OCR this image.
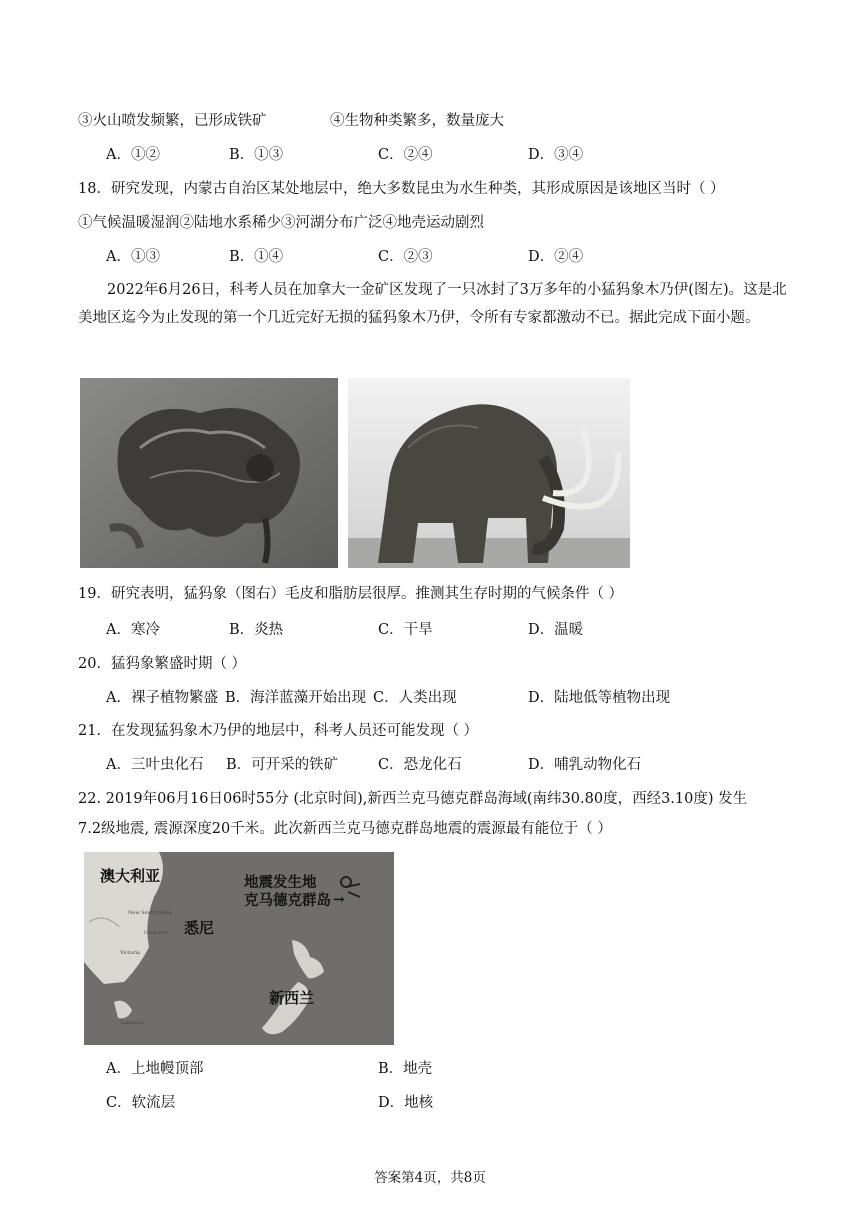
③火山喷发频繁，已形成铁矿	④生物种类繁多，数量庞大
A．①②	B．①③	C．②④	D．③④
18．研究发现，内蒙古自治区某处地层中，绝大多数昆虫为水生种类，其形成原因是该地区当时（ ）
①气候温暖湿润②陆地水系稀少③河湖分布广泛④地壳运动剧烈
A．①③	B．①④	C．②③	D．②④
2022年6月26日，科考人员在加拿大一金矿区发现了一只冰封了3万多年的小猛犸象木乃伊(图左)。这是北美地区迄今为止发现的第一个几近完好无损的猛犸象木乃伊，令所有专家都激动不已。据此完成下面小题。
19．研究表明，猛犸象（图右）毛皮和脂肪层很厚。推测其生存时期的气候条件（ ）
A．寒冷	B．炎热	C．干旱	D．温暖
20．猛犸象繁盛时期（ ）
A．裸子植物繁盛 B．海洋蓝藻开始出现 C．人类出现	D．陆地低等植物出现
21．在发现猛犸象木乃伊的地层中，科考人员还可能发现（ ）
A．三叶虫化石 B．可开采的铁矿	C．恐龙化石	D．哺乳动物化石
22. 2019年06月16日06时55分 (北京时间),新西兰克马德克群岛海域(南纬30.80度，西经3.10度) 发生
7.2级地震, 震源深度20千米。此次新西兰克马德克群岛地震的震源最有能位于（ ）
澳大利亚	地震发生地
克马德克群岛 →
悉尼
新西兰
New South Wales
Canberra
Victoria
Tasmania
A．上地幔顶部	B．地壳
C．软流层	D．地核
答案第4页，共8页
